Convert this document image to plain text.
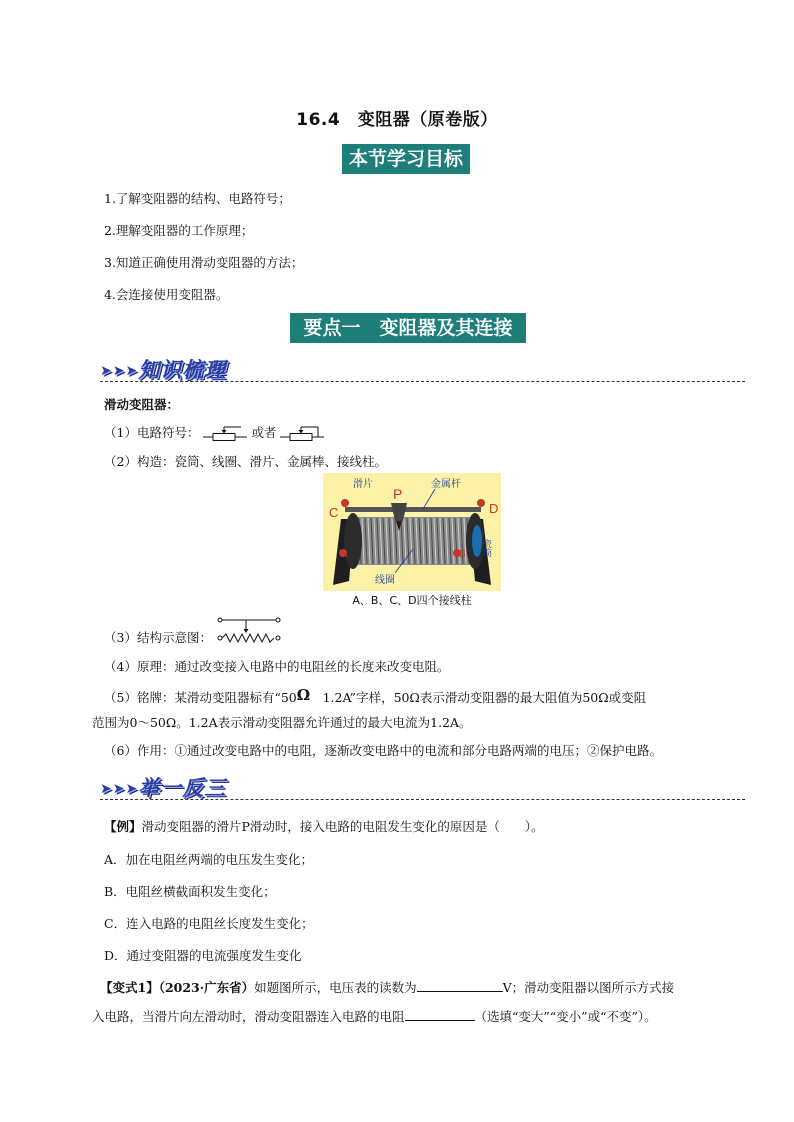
16.4　变阻器（原卷版）
本节学习目标
1.了解变阻器的结构、电路符号；
2.理解变阻器的工作原理；
3.知道正确使用滑动变阻器的方法；
4.会连接使用变阻器。
要点一　变阻器及其连接
➤➤➤知识梳理
滑动变阻器：
（1）电路符号：	或者
（2）构造：瓷筒、线圈、滑片、金属棒、接线柱。
C	D
P
A	B
滑片	金属杆
线圈
瓷筒
A、B、C、D四个接线柱
（3）结构示意图：
（4）原理：通过改变接入电路中的电阻丝的长度来改变电阻。
（5）铭牌：某滑动变阻器标有“50Ω　1.2A”字样，50Ω表示滑动变阻器的最大阻值为50Ω或变阻
范围为0～50Ω。1.2A表示滑动变阻器允许通过的最大电流为1.2A。
（6）作用：①通过改变电路中的电阻，逐渐改变电路中的电流和部分电路两端的电压；②保护电路。
➤➤➤举一反三
【例】滑动变阻器的滑片P滑动时，接入电路的电阻发生变化的原因是（　　）。
A．加在电阻丝两端的电压发生变化；
B．电阻丝横截面积发生变化；
C．连入电路的电阻丝长度发生变化；
D．通过变阻器的电流强度发生变化
【变式1】（2023·广东省）如题图所示，电压表的读数为	V；滑动变阻器以图所示方式接
入电路，当滑片向左滑动时，滑动变阻器连入电路的电阻	（选填“变大”“变小”或“不变”）。
